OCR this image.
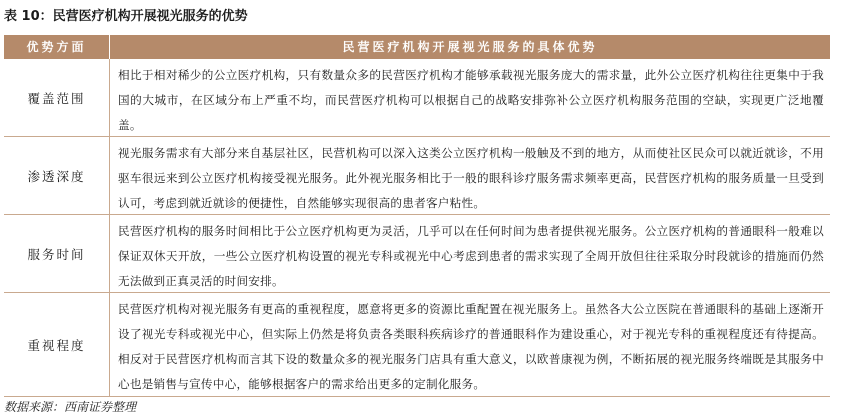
表 10：民营医疗机构开展视光服务的优势
优势方面	民营医疗机构开展视光服务的具体优势
覆盖范围
相比于相对稀少的公立医疗机构，只有数量众多的民营医疗机构才能够承载视光服务庞大的需求量，此外公立医疗机构往往更集中于我国的大城市，在区域分布上严重不均，而民营医疗机构可以根据自己的战略安排弥补公立医疗机构服务范围的空缺，实现更广泛地覆盖。
渗透深度
视光服务需求有大部分来自基层社区，民营机构可以深入这类公立医疗机构一般触及不到的地方，从而使社区民众可以就近就诊，不用驱车很远来到公立医疗机构接受视光服务。此外视光服务相比于一般的眼科诊疗服务需求频率更高，民营医疗机构的服务质量一旦受到认可，考虑到就近就诊的便捷性，自然能够实现很高的患者客户粘性。
服务时间
民营医疗机构的服务时间相比于公立医疗机构更为灵活，几乎可以在任何时间为患者提供视光服务。公立医疗机构的普通眼科一般难以保证双休天开放，一些公立医疗机构设置的视光专科或视光中心考虑到患者的需求实现了全周开放但往往采取分时段就诊的措施而仍然无法做到正真灵活的时间安排。
重视程度
民营医疗机构对视光服务有更高的重视程度，愿意将更多的资源比重配置在视光服务上。虽然各大公立医院在普通眼科的基础上逐渐开设了视光专科或视光中心，但实际上仍然是将负责各类眼科疾病诊疗的普通眼科作为建设重心，对于视光专科的重视程度还有待提高。相反对于民营医疗机构而言其下设的数量众多的视光服务门店具有重大意义，以欧普康视为例，不断拓展的视光服务终端既是其服务中心也是销售与宣传中心，能够根据客户的需求给出更多的定制化服务。
数据来源：西南证券整理
